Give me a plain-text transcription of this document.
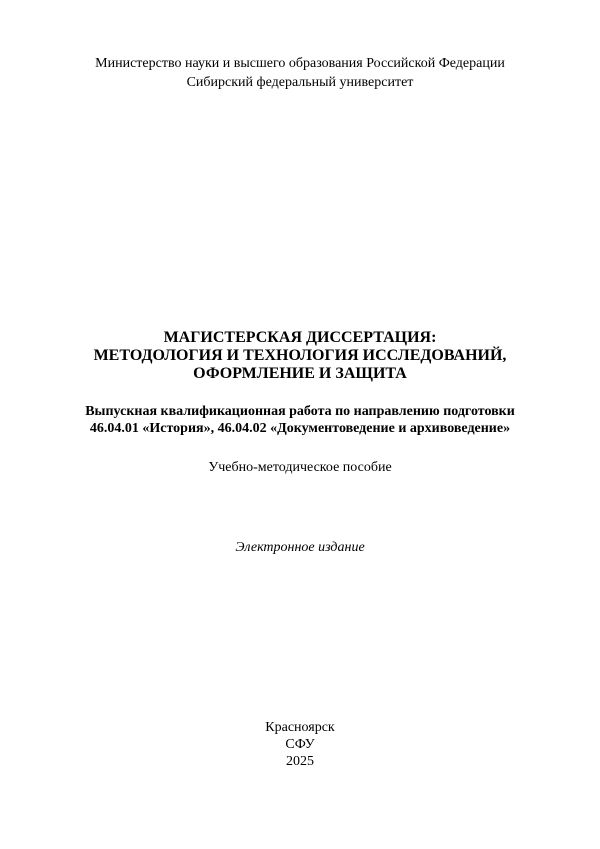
Министерство науки и высшего образования Российской Федерации
Сибирский федеральный университет
МАГИСТЕРСКАЯ ДИССЕРТАЦИЯ:
МЕТОДОЛОГИЯ И ТЕХНОЛОГИЯ ИССЛЕДОВАНИЙ,
ОФОРМЛЕНИЕ И ЗАЩИТА
Выпускная квалификационная работа по направлению подготовки
46.04.01 «История», 46.04.02 «Документоведение и архивоведение»
Учебно-методическое пособие
Электронное издание
Красноярск
СФУ
2025
